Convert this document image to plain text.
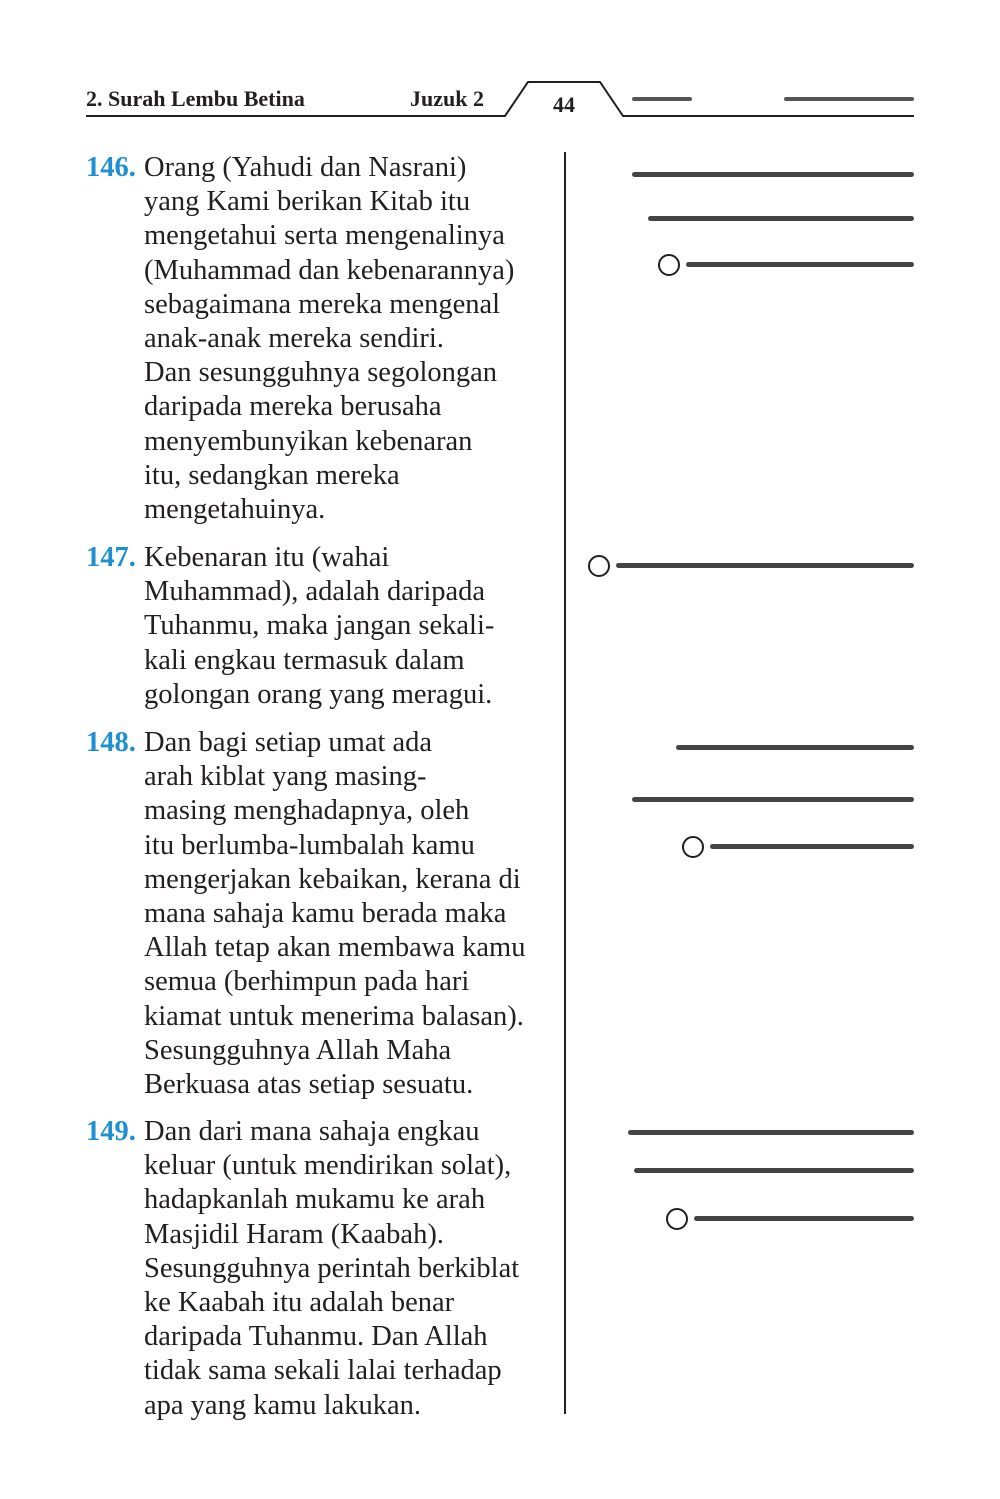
2. Surah Lembu Betina	Juzuk 2	44
146. Orang (Yahudi dan Nasrani)
yang Kami berikan Kitab itu
mengetahui serta mengenalinya
(Muhammad dan kebenarannya)
sebagaimana mereka mengenal
anak-anak mereka sendiri.
Dan sesungguhnya segolongan
daripada mereka berusaha
menyembunyikan kebenaran
itu, sedangkan mereka
mengetahuinya.
147. Kebenaran itu (wahai
Muhammad), adalah daripada
Tuhanmu, maka jangan sekali-
kali engkau termasuk dalam
golongan orang yang meragui.
148. Dan bagi setiap umat ada
arah kiblat yang masing-
masing menghadapnya, oleh
itu berlumba-lumbalah kamu
mengerjakan kebaikan, kerana di
mana sahaja kamu berada maka
Allah tetap akan membawa kamu
semua (berhimpun pada hari
kiamat untuk menerima balasan).
Sesungguhnya Allah Maha
Berkuasa atas setiap sesuatu.
149. Dan dari mana sahaja engkau
keluar (untuk mendirikan solat),
hadapkanlah mukamu ke arah
Masjidil Haram (Kaabah).
Sesungguhnya perintah berkiblat
ke Kaabah itu adalah benar
daripada Tuhanmu. Dan Allah
tidak sama sekali lalai terhadap
apa yang kamu lakukan.
